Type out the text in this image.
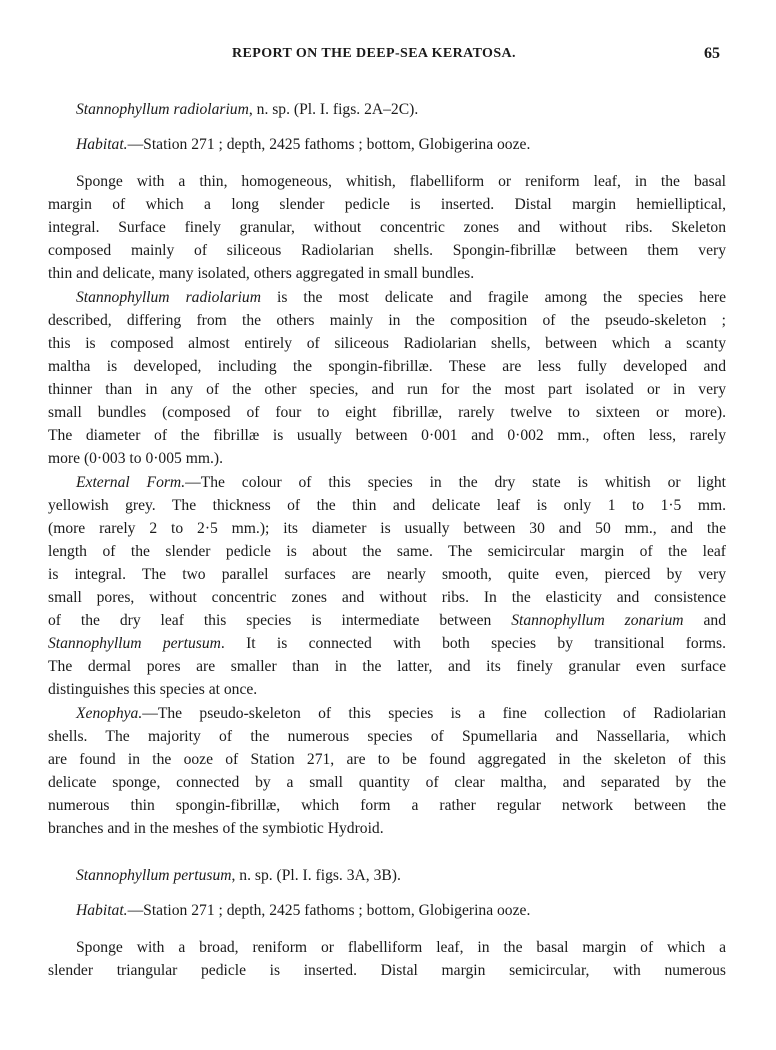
REPORT ON THE DEEP-SEA KERATOSA.	65
Stannophyllum radiolarium, n. sp. (Pl. I. figs. 2A–2C).
Habitat.—Station 271 ; depth, 2425 fathoms ; bottom, Globigerina ooze.
Sponge with a thin, homogeneous, whitish, flabelliform or reniform leaf, in the basal
margin of which a long slender pedicle is inserted. Distal margin hemielliptical,
integral. Surface finely granular, without concentric zones and without ribs. Skeleton
composed mainly of siliceous Radiolarian shells. Spongin-fibrillæ between them very
thin and delicate, many isolated, others aggregated in small bundles.
Stannophyllum radiolarium is the most delicate and fragile among the species here
described, differing from the others mainly in the composition of the pseudo-skeleton ;
this is composed almost entirely of siliceous Radiolarian shells, between which a scanty
maltha is developed, including the spongin-fibrillæ. These are less fully developed and
thinner than in any of the other species, and run for the most part isolated or in very
small bundles (composed of four to eight fibrillæ, rarely twelve to sixteen or more).
The diameter of the fibrillæ is usually between 0·001 and 0·002 mm., often less, rarely
more (0·003 to 0·005 mm.).
External Form.—The colour of this species in the dry state is whitish or light
yellowish grey. The thickness of the thin and delicate leaf is only 1 to 1·5 mm.
(more rarely 2 to 2·5 mm.); its diameter is usually between 30 and 50 mm., and the
length of the slender pedicle is about the same. The semicircular margin of the leaf
is integral. The two parallel surfaces are nearly smooth, quite even, pierced by very
small pores, without concentric zones and without ribs. In the elasticity and consistence
of the dry leaf this species is intermediate between Stannophyllum zonarium and
Stannophyllum pertusum. It is connected with both species by transitional forms.
The dermal pores are smaller than in the latter, and its finely granular even surface
distinguishes this species at once.
Xenophya.—The pseudo-skeleton of this species is a fine collection of Radiolarian
shells. The majority of the numerous species of Spumellaria and Nassellaria, which
are found in the ooze of Station 271, are to be found aggregated in the skeleton of this
delicate sponge, connected by a small quantity of clear maltha, and separated by the
numerous thin spongin-fibrillæ, which form a rather regular network between the
branches and in the meshes of the symbiotic Hydroid.
Stannophyllum pertusum, n. sp. (Pl. I. figs. 3A, 3B).
Habitat.—Station 271 ; depth, 2425 fathoms ; bottom, Globigerina ooze.
Sponge with a broad, reniform or flabelliform leaf, in the basal margin of which a
slender triangular pedicle is inserted. Distal margin semicircular, with numerous
